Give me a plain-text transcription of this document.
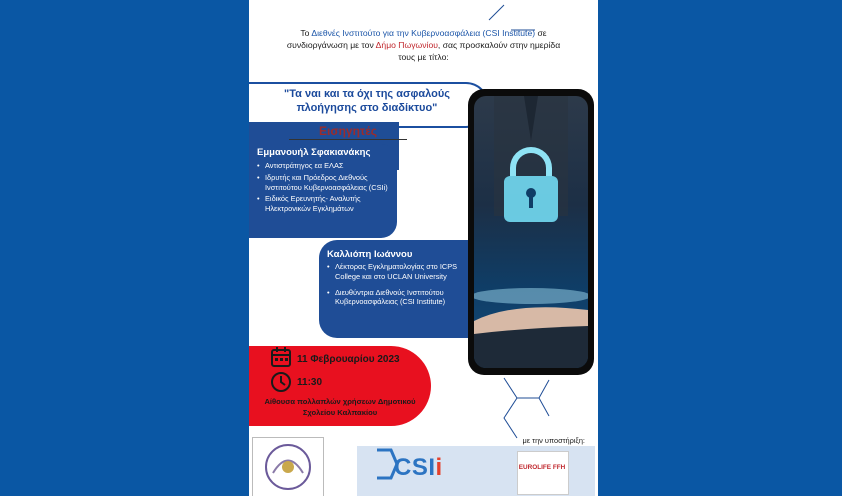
Το Διεθνές Ινστιτούτο για την Κυβερνοασφάλεια (CSI Institute) σε
συνδιοργάνωση με τον Δήμο Πωγωνίου, σας προσκαλούν στην ημερίδα
τους με τίτλο:
"Τα ναι και τα όχι της ασφαλούς
πλοήγησης στο διαδίκτυο"
Εισηγητές
Εμμανουήλ Σφακιανάκης
• Αντιστράτηγος εα ΕΛΑΣ
• Ιδρυτής και Πρόεδρος Διεθνούς Ινστιτούτου Κυβερνοασφάλειας (CSIi)
• Ειδικός Ερευνητής- Αναλυτής Ηλεκτρονικών Εγκλημάτων
Καλλιόπη Ιωάννου
• Λέκτορας Εγκληματολογίας στο ICPS College και στο UCLAN University
• Διευθύντρια Διεθνούς Ινστιτούτου Κυβερνοασφάλειας (CSI Institute)
11 Φεβρουαρίου 2023
11:30
Αίθουσα πολλαπλών χρήσεων Δημοτικού
Σχολείου Καλπακίου
με την υποστήριξη:
CSIi	EUROLIFE FFH
